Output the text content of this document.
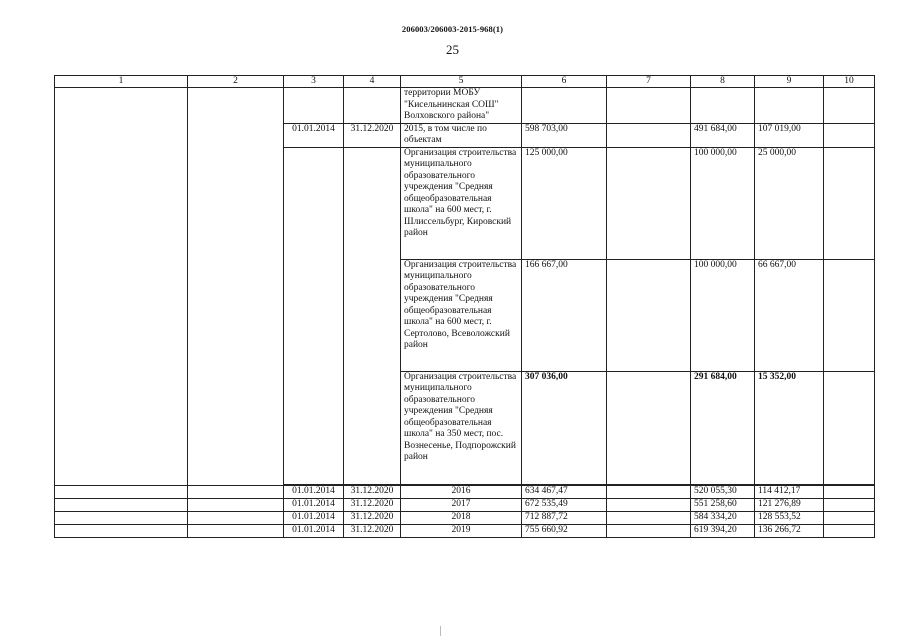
206003/206003-2015-968(1)
25
1	2	3	4	5	6	7	8	9	10
				территории МОБУ "Кисельнинская СОШ" Волховского района"					
		01.01.2014	31.12.2020	2015, в том числе по объектам	598 703,00		491 684,00	107 019,00	
				Организация строительства муниципального образовательного учреждения "Средняя общеобразовательная школа" на 600 мест, г. Шлиссельбург, Кировский район	125 000,00		100 000,00	25 000,00	
				Организация строительства муниципального образовательного учреждения "Средняя общеобразовательная школа" на 600 мест, г. Сертолово, Всеволожский район	166 667,00		100 000,00	66 667,00	
				Организация строительства муниципального образовательного учреждения "Средняя общеобразовательная школа" на 350 мест, пос. Вознесенье, Подпорожский район	307 036,00		291 684,00	15 352,00	

		01.01.2014	31.12.2020	2016	634 467,47		520 055,30	114 412,17	
		01.01.2014	31.12.2020	2017	672 535,49		551 258,60	121 276,89	
		01.01.2014	31.12.2020	2018	712 887,72		584 334,20	128 553,52	
		01.01.2014	31.12.2020	2019	755 660,92		619 394,20	136 266,72	
